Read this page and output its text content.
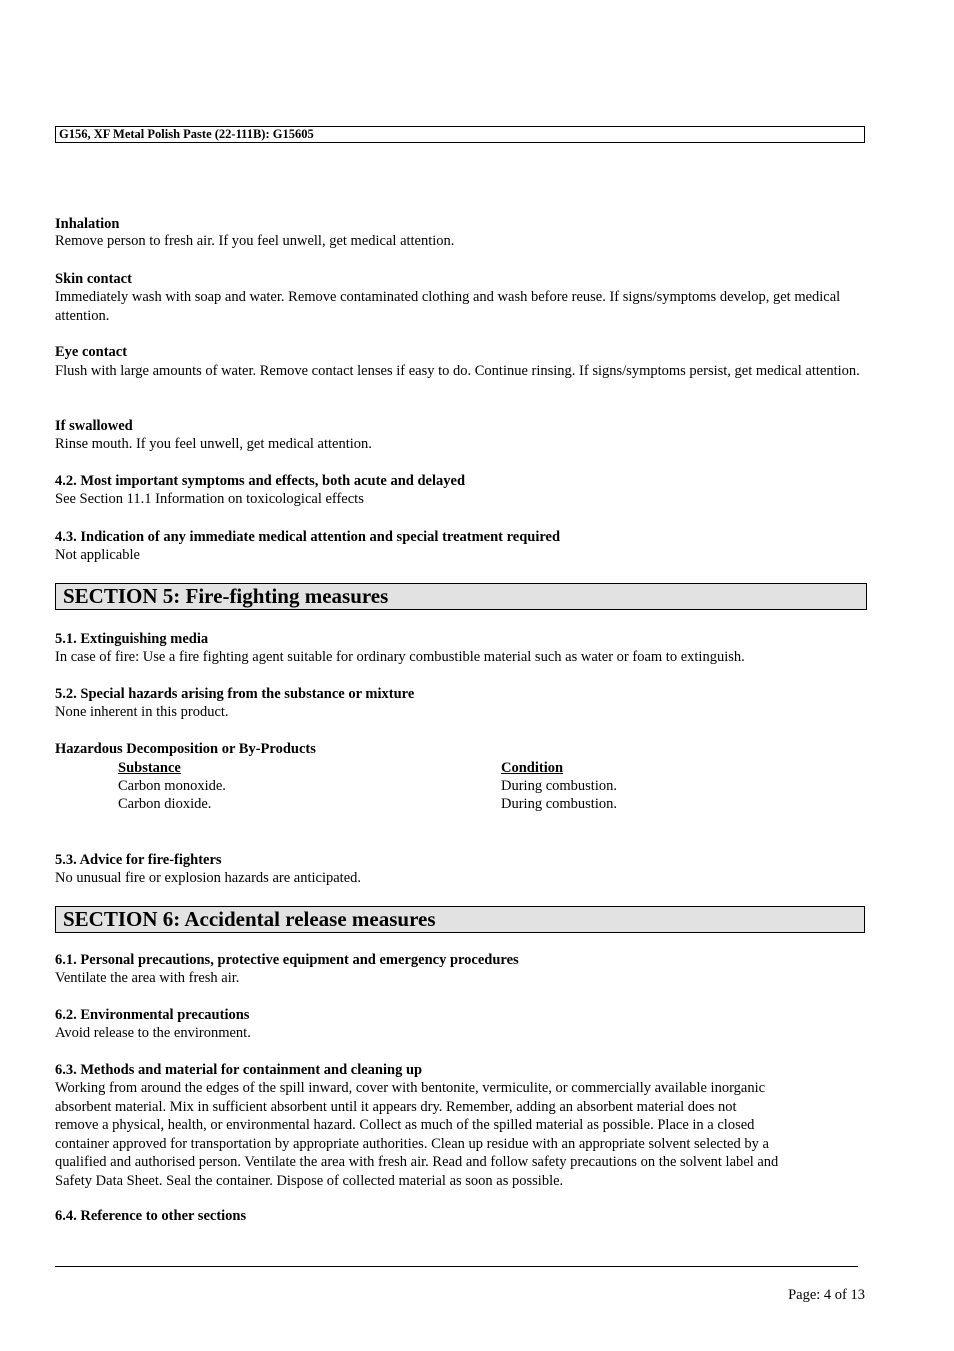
G156, XF Metal Polish Paste (22-111B): G15605
Inhalation
Remove person to fresh air. If you feel unwell, get medical attention.
Skin contact
Immediately wash with soap and water. Remove contaminated clothing and wash before reuse. If signs/symptoms develop, get medical attention.
Eye contact
Flush with large amounts of water. Remove contact lenses if easy to do. Continue rinsing. If signs/symptoms persist, get medical attention.
If swallowed
Rinse mouth. If you feel unwell, get medical attention.
4.2. Most important symptoms and effects, both acute and delayed
See Section 11.1 Information on toxicological effects
4.3. Indication of any immediate medical attention and special treatment required
Not applicable
SECTION 5: Fire-fighting measures
5.1. Extinguishing media
In case of fire: Use a fire fighting agent suitable for ordinary combustible material such as water or foam to extinguish.
5.2. Special hazards arising from the substance or mixture
None inherent in this product.
Hazardous Decomposition or By-Products
Substance	Condition
Carbon monoxide.	During combustion.
Carbon dioxide.	During combustion.
5.3. Advice for fire-fighters
No unusual fire or explosion hazards are anticipated.
SECTION 6: Accidental release measures
6.1. Personal precautions, protective equipment and emergency procedures
Ventilate the area with fresh air.
6.2. Environmental precautions
Avoid release to the environment.
6.3. Methods and material for containment and cleaning up
Working from around the edges of the spill inward, cover with bentonite, vermiculite, or commercially available inorganic
absorbent material. Mix in sufficient absorbent until it appears dry. Remember, adding an absorbent material does not
remove a physical, health, or environmental hazard. Collect as much of the spilled material as possible. Place in a closed
container approved for transportation by appropriate authorities. Clean up residue with an appropriate solvent selected by a
qualified and authorised person. Ventilate the area with fresh air. Read and follow safety precautions on the solvent label and
Safety Data Sheet. Seal the container. Dispose of collected material as soon as possible.
6.4. Reference to other sections
Page: 4 of 13
